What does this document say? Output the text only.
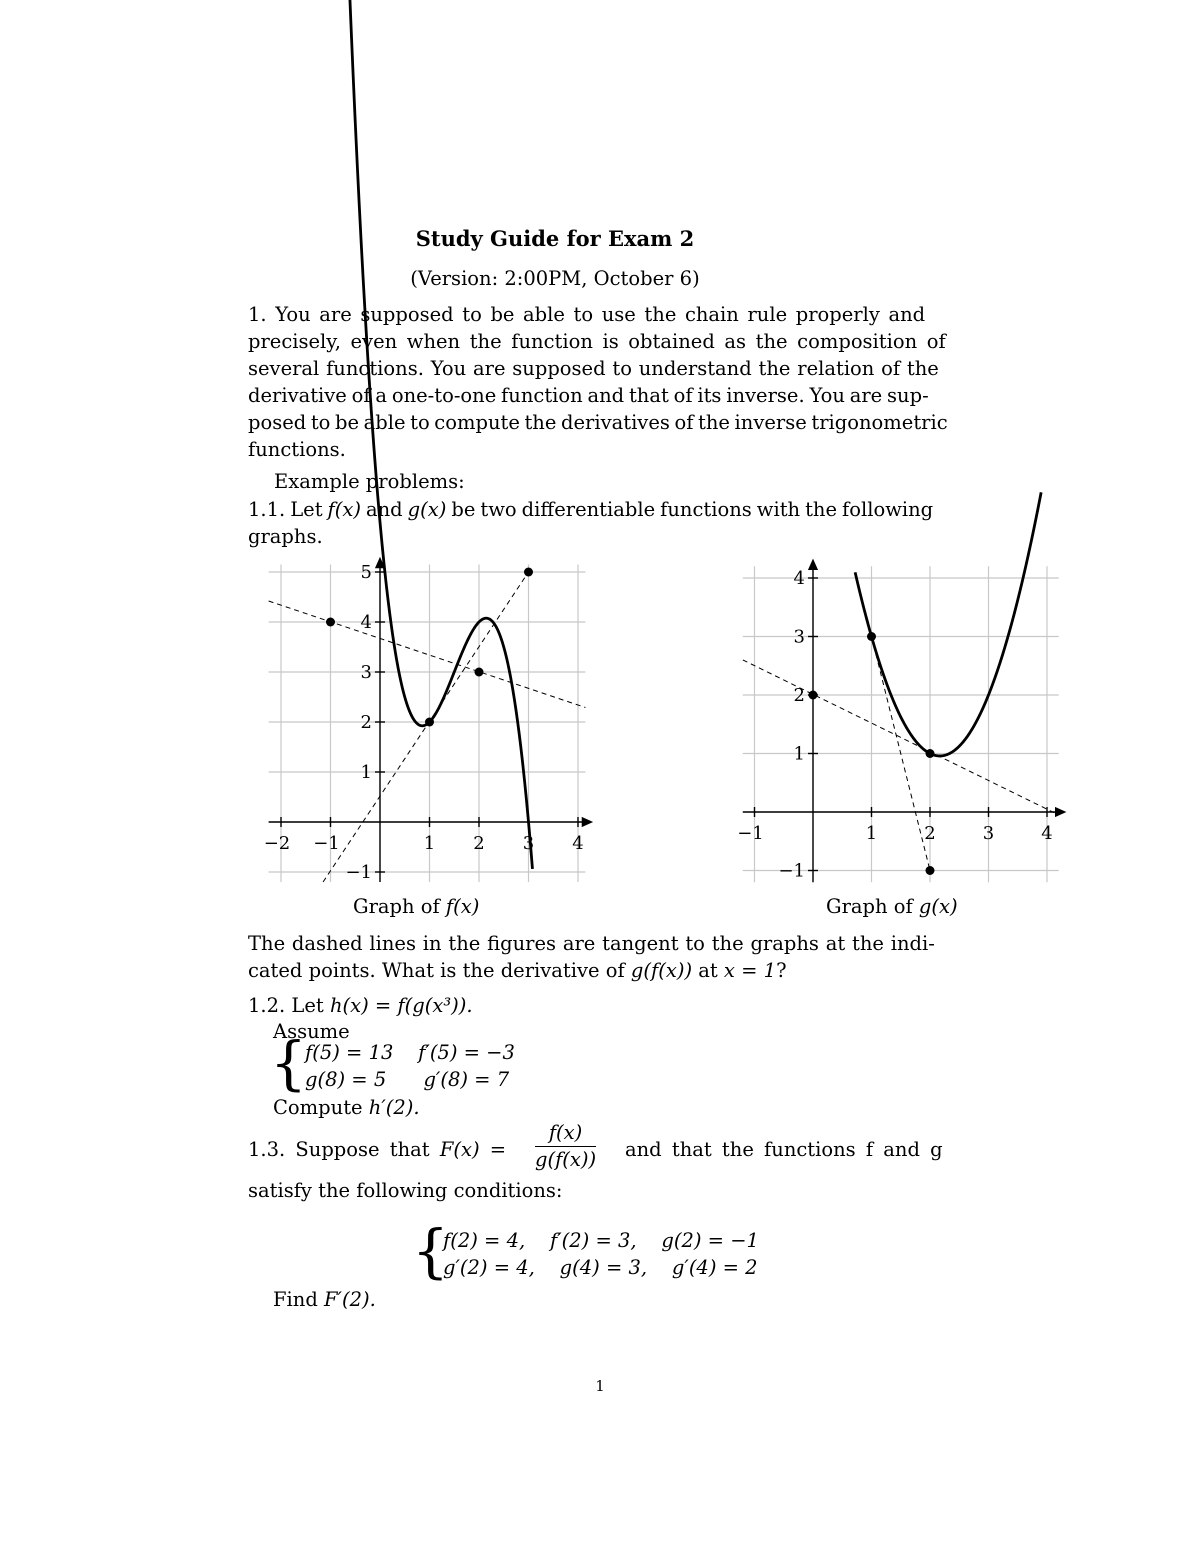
Study Guide for Exam 2
(Version: 2:00PM, October 6)
1. You are supposed to be able to use the chain rule properly and
precisely, even when the function is obtained as the composition of
several functions. You are supposed to understand the relation of the
derivative of a one-to-one function and that of its inverse. You are sup-
posed to be able to compute the derivatives of the inverse trigonometric
functions.
Example problems:
1.1. Let f(x) and g(x) be two differentiable functions with the following
graphs.
−2 −1	1 2 3 4
−1
1
2
3
4
5
−1	1	2	3	4
−1
1
2
3
4
Graph of f(x)	Graph of g(x)
The dashed lines in the figures are tangent to the graphs at the indi-
cated points. What is the derivative of g(f(x)) at x = 1?
1.2. Let h(x) = f(g(x³)).
Assume
{
f(5) = 13    f′(5) = −3
g(8) = 5      g′(8) = 7
Compute h′(2).
1.3. Suppose that $F(x) = \frac{f(x)}{g(f(x))}$ and that the functions f and g
satisfy the following conditions:
{
f(2) = 4,    f′(2) = 3,    g(2) = −1
g′(2) = 4,    g(4) = 3,    g′(4) = 2
Find F′(2).
1
